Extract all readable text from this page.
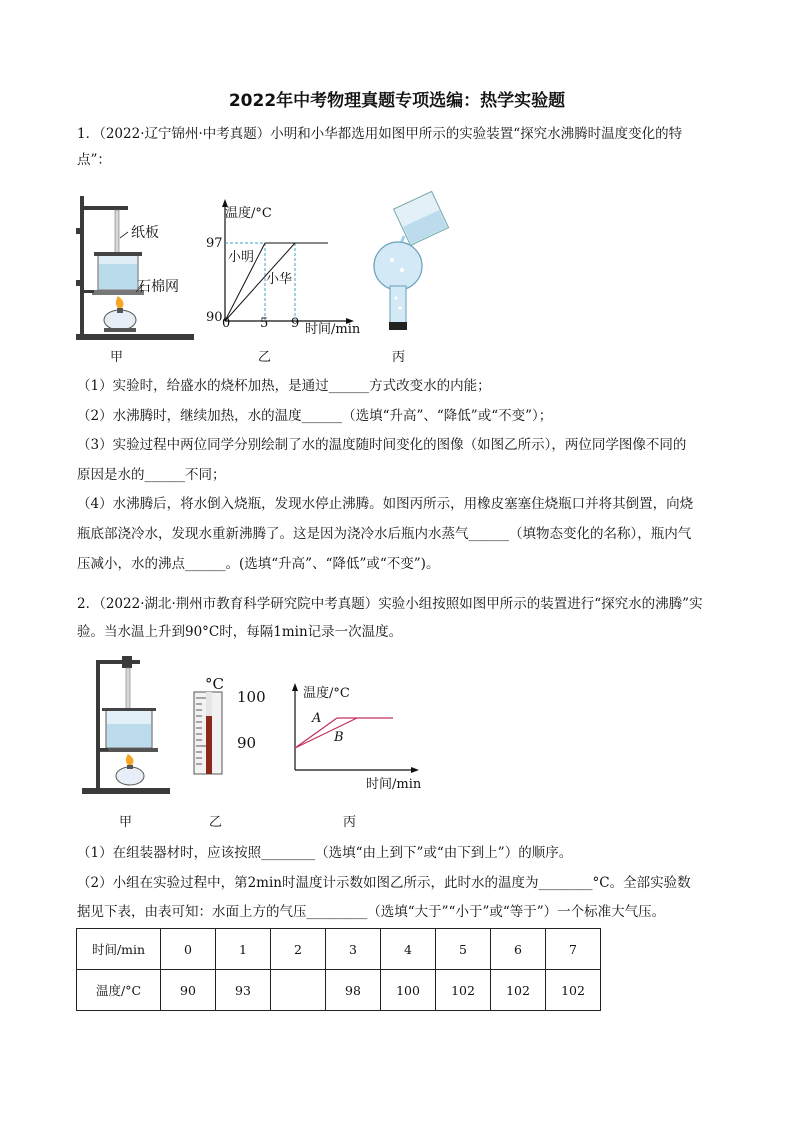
2022年中考物理真题专项选编：热学实验题
1．（2022·辽宁锦州·中考真题）小明和小华都选用如图甲所示的实验装置“探究水沸腾时温度变化的特
点”：
纸板
石棉网
甲
温度/°C
97
90 0 5 9 时间/min
小明
小华
乙	丙
（1）实验时，给盛水的烧杯加热，是通过______方式改变水的内能；
（2）水沸腾时，继续加热，水的温度______（选填“升高”、“降低”或“不变”）；
（3）实验过程中两位同学分别绘制了水的温度随时间变化的图像（如图乙所示），两位同学图像不同的
原因是水的______不同；
（4）水沸腾后，将水倒入烧瓶，发现水停止沸腾。如图丙所示，用橡皮塞塞住烧瓶口并将其倒置，向烧
瓶底部浇冷水，发现水重新沸腾了。这是因为浇冷水后瓶内水蒸气______（填物态变化的名称），瓶内气
压减小，水的沸点______。(选填“升高”、“降低”或“不变”)。
2．（2022·湖北·荆州市教育科学研究院中考真题）实验小组按照如图甲所示的装置进行“探究水的沸腾”实
验。当水温上升到90°C时，每隔1min记录一次温度。
甲
°C
100
90
乙
温度/°C
A
B
时间/min
丙
（1）在组装器材时，应该按照________（选填“由上到下”或“由下到上”）的顺序。
（2）小组在实验过程中，第2min时温度计示数如图乙所示，此时水的温度为________°C。全部实验数
据见下表，由表可知：水面上方的气压_________（选填“大于”“小于”或“等于”）一个标准大气压。
时间/min	0	1	2	3	4	5	6	7
温度/°C	90	93		98	100	102	102	102
